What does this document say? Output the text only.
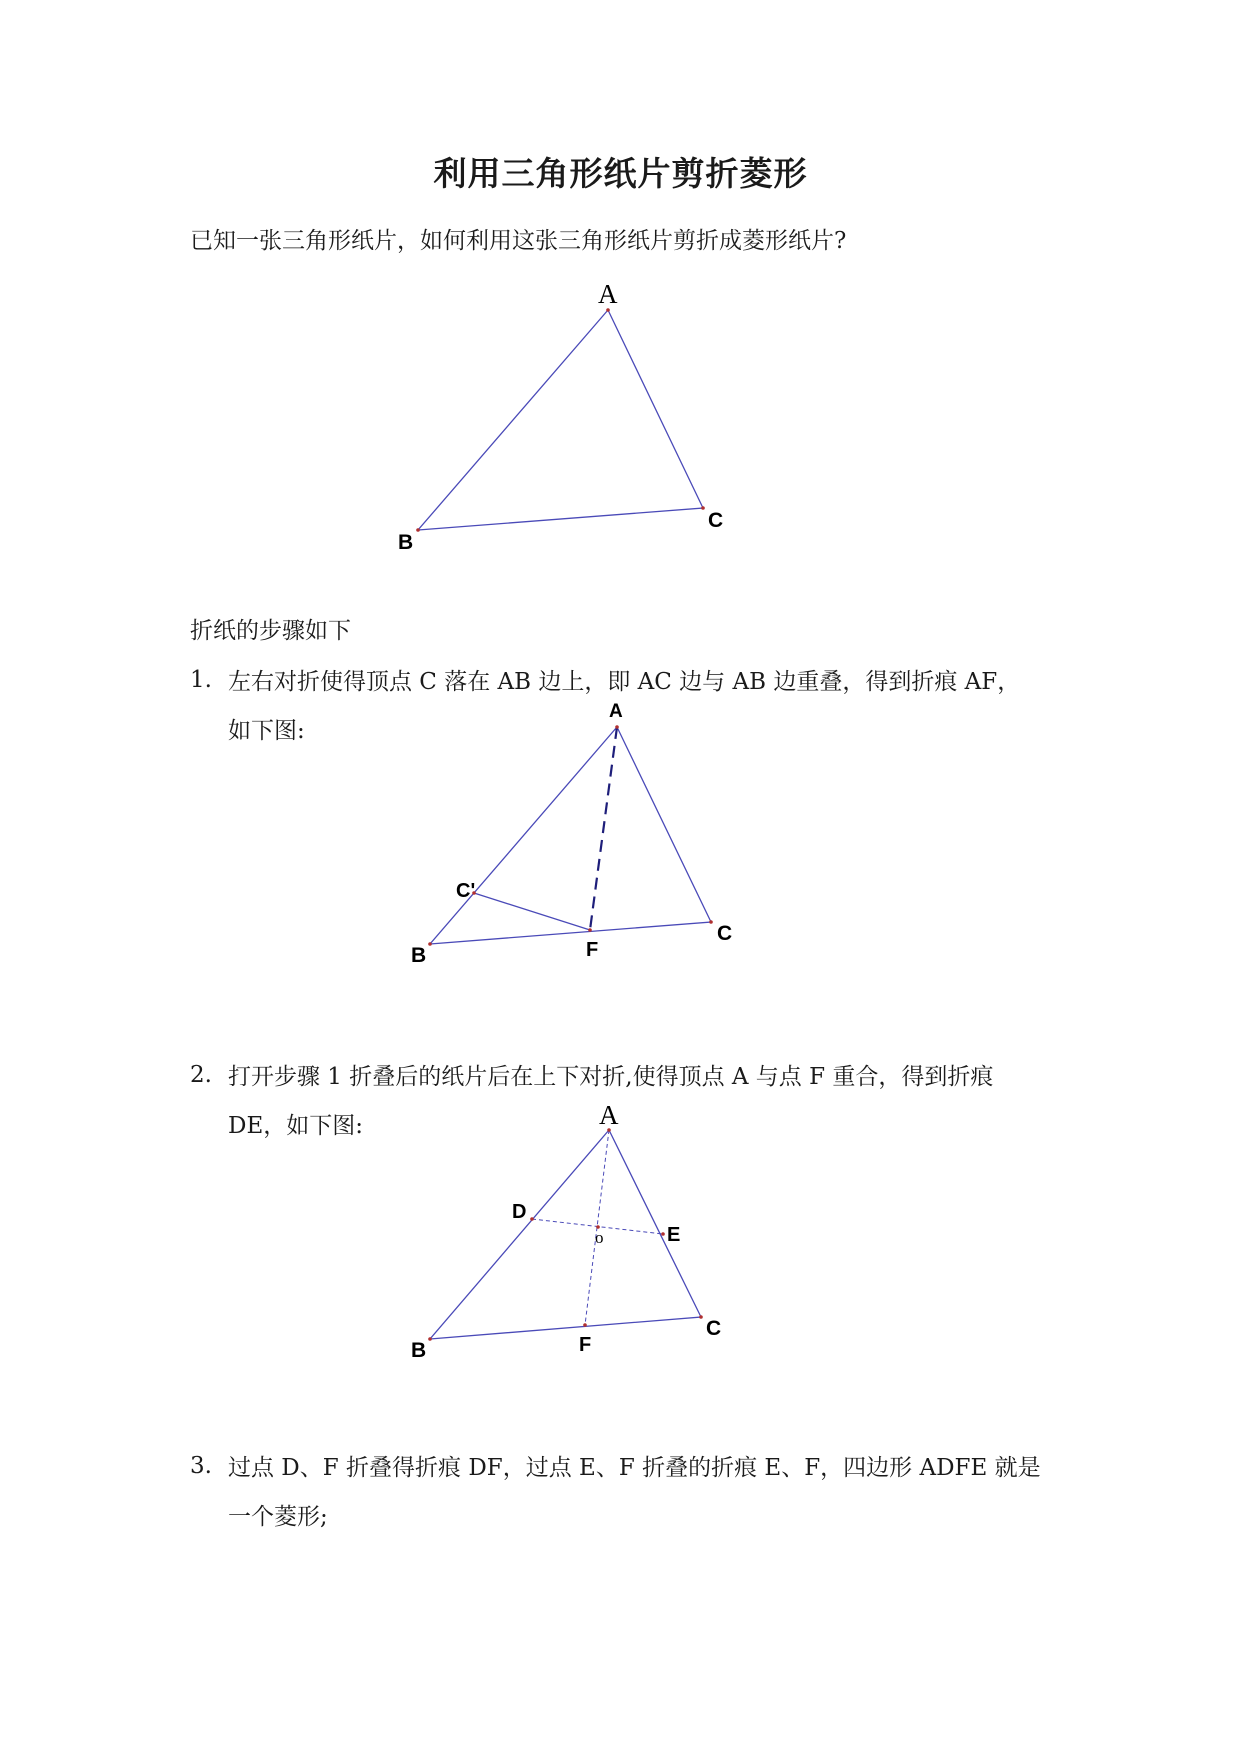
利用三角形纸片剪折菱形
已知一张三角形纸片，如何利用这张三角形纸片剪折成菱形纸片?
A
B
C
折纸的步骤如下
1. 左右对折使得顶点 C 落在 AB 边上，即 AC 边与 AB 边重叠，得到折痕 AF，
如下图:
A
B
C
C'
F
2. 打开步骤 1 折叠后的纸片后在上下对折,使得顶点 A 与点 F 重合，得到折痕
DE，如下图:	A
B
C
D
E
F
o
3. 过点 D、F 折叠得折痕 DF，过点 E、F 折叠的折痕 E、F，四边形 ADFE 就是
一个菱形;
